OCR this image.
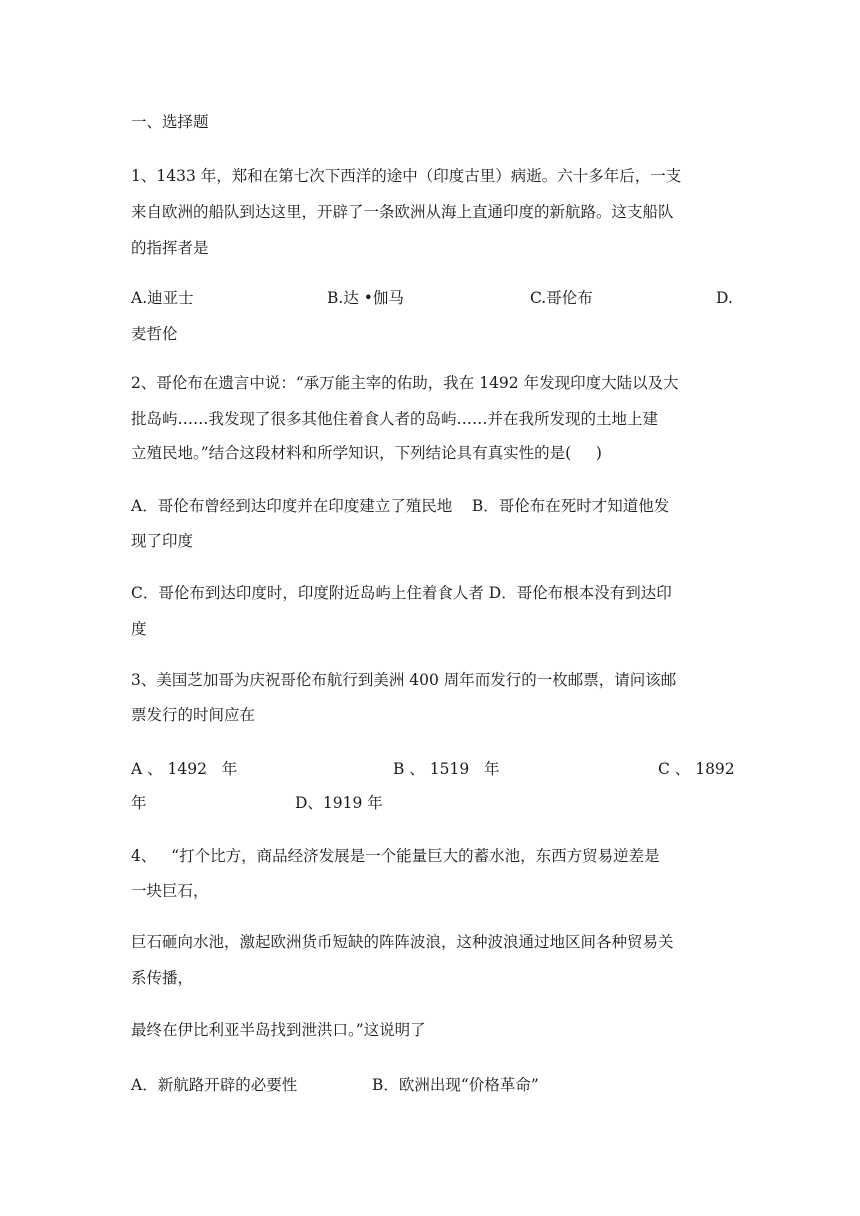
一、选择题
1、1433 年，郑和在第七次下西洋的途中（印度古里）病逝。六十多年后，一支
来自欧洲的船队到达这里，开辟了一条欧洲从海上直通印度的新航路。这支船队
的指挥者是
A.迪亚士	B.达 •伽马	C.哥伦布	D.
麦哲伦
2、哥伦布在遗言中说：“承万能主宰的佑助，我在 1492 年发现印度大陆以及大
批岛屿……我发现了很多其他住着食人者的岛屿……并在我所发现的土地上建
立殖民地。”结合这段材料和所学知识，下列结论具有真实性的是(     )
A．哥伦布曾经到达印度并在印度建立了殖民地    B．哥伦布在死时才知道他发
现了印度
C．哥伦布到达印度时，印度附近岛屿上住着食人者 D．哥伦布根本没有到达印
度
3、美国芝加哥为庆祝哥伦布航行到美洲 400 周年而发行的一枚邮票，请问该邮
票发行的时间应在
A 、 1492   年	B 、 1519   年	C 、 1892
年	D、1919 年
4、   “打个比方，商品经济发展是一个能量巨大的蓄水池，东西方贸易逆差是
一块巨石，
巨石砸向水池，激起欧洲货币短缺的阵阵波浪，这种波浪通过地区间各种贸易关
系传播，
最终在伊比利亚半岛找到泄洪口。”这说明了
A．新航路开辟的必要性	B．欧洲出现“价格革命”
